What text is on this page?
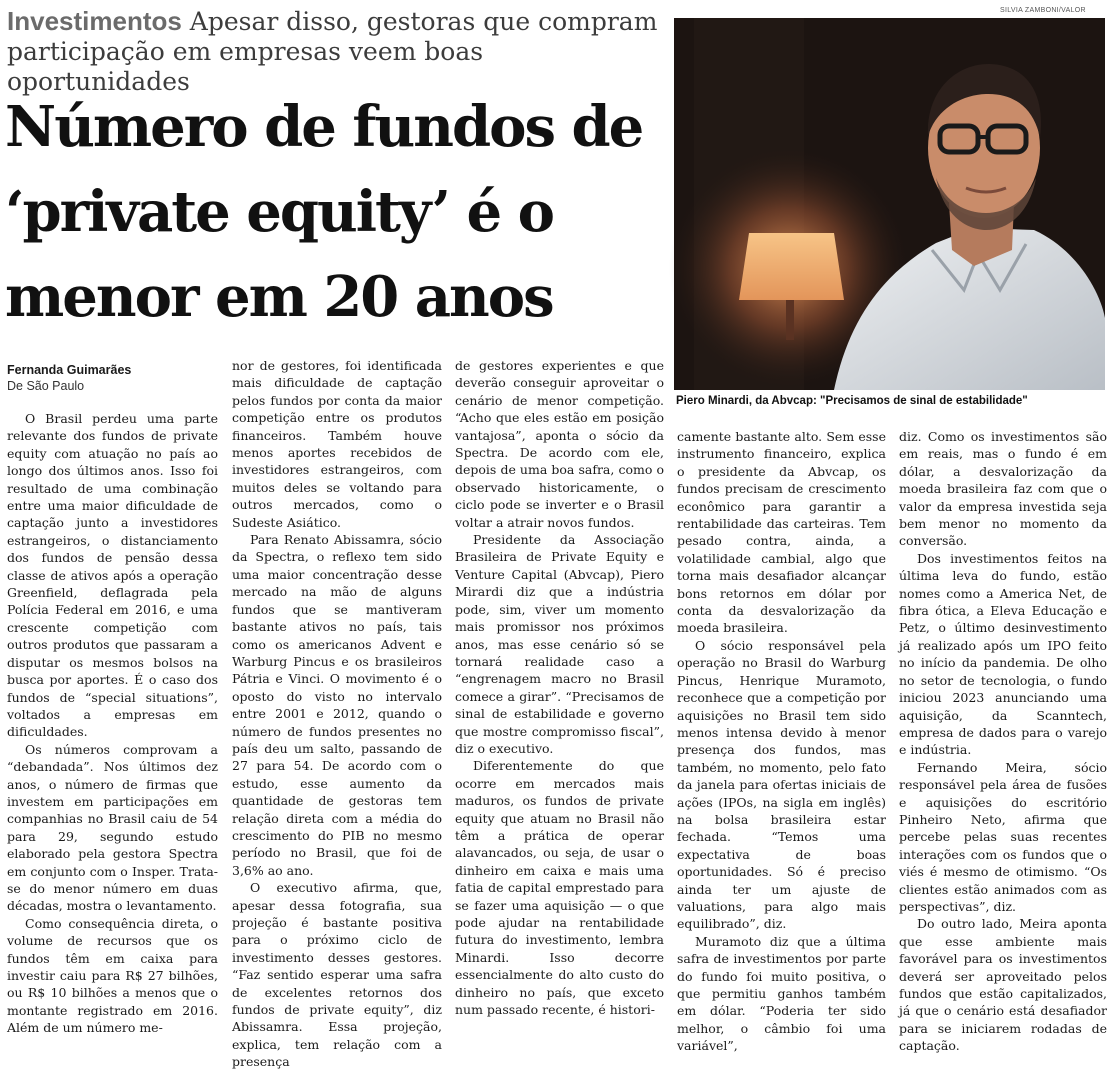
Investimentos Apesar disso, gestoras que compram participação em empresas veem boas oportunidades
Número de fundos de ‘private equity’ é o menor em 20 anos
SILVIA ZAMBONI/VALOR
Piero Minardi, da Abvcap: "Precisamos de sinal de estabilidade"
Fernanda Guimarães
De São Paulo

O Brasil perdeu uma parte relevante dos fundos de private equity com atuação no país ao longo dos últimos anos. Isso foi resultado de uma combinação entre uma maior dificuldade de captação junto a investidores estrangeiros, o distanciamento dos fundos de pensão dessa classe de ativos após a operação Greenfield, deflagrada pela Polícia Federal em 2016, e uma crescente competição com outros produtos que passaram a disputar os mesmos bolsos na busca por aportes. É o caso dos fundos de “special situations”, voltados a empresas em dificuldades.

Os números comprovam a “debandada”. Nos últimos dez anos, o número de firmas que investem em participações em companhias no Brasil caiu de 54 para 29, segundo estudo elaborado pela gestora Spectra em conjunto com o Insper. Trata-se do menor número em duas décadas, mostra o levantamento.

Como consequência direta, o volume de recursos que os fundos têm em caixa para investir caiu para R$ 27 bilhões, ou R$ 10 bilhões a menos que o montante registrado em 2016. Além de um número me-

nor de gestores, foi identificada mais dificuldade de captação pelos fundos por conta da maior competição entre os produtos financeiros. Também houve menos aportes recebidos de investidores estrangeiros, com muitos deles se voltando para outros mercados, como o Sudeste Asiático.

Para Renato Abissamra, sócio da Spectra, o reflexo tem sido uma maior concentração desse mercado na mão de alguns fundos que se mantiveram bastante ativos no país, tais como os americanos Advent e Warburg Pincus e os brasileiros Pátria e Vinci. O movimento é o oposto do visto no intervalo entre 2001 e 2012, quando o número de fundos presentes no país deu um salto, passando de 27 para 54. De acordo com o estudo, esse aumento da quantidade de gestoras tem relação direta com a média do crescimento do PIB no mesmo período no Brasil, que foi de 3,6% ao ano.

O executivo afirma, que, apesar dessa fotografia, sua projeção é bastante positiva para o próximo ciclo de investimento desses gestores. “Faz sentido esperar uma safra de excelentes retornos dos fundos de private equity”, diz Abissamra. Essa projeção, explica, tem relação com a presença

de gestores experientes e que deverão conseguir aproveitar o cenário de menor competição. “Acho que eles estão em posição vantajosa”, aponta o sócio da Spectra. De acordo com ele, depois de uma boa safra, como o observado historicamente, o ciclo pode se inverter e o Brasil voltar a atrair novos fundos.

Presidente da Associação Brasileira de Private Equity e Venture Capital (Abvcap), Piero Mirardi diz que a indústria pode, sim, viver um momento mais promissor nos próximos anos, mas esse cenário só se tornará realidade caso a “engrenagem macro no Brasil comece a girar”. “Precisamos de sinal de estabilidade e governo que mostre compromisso fiscal”, diz o executivo.

Diferentemente do que ocorre em mercados mais maduros, os fundos de private equity que atuam no Brasil não têm a prática de operar alavancados, ou seja, de usar o dinheiro em caixa e mais uma fatia de capital emprestado para se fazer uma aquisição — o que pode ajudar na rentabilidade futura do investimento, lembra Minardi. Isso decorre essencialmente do alto custo do dinheiro no país, que exceto num passado recente, é histori-

camente bastante alto. Sem esse instrumento financeiro, explica o presidente da Abvcap, os fundos precisam de crescimento econômico para garantir a rentabilidade das carteiras. Tem pesado contra, ainda, a volatilidade cambial, algo que torna mais desafiador alcançar bons retornos em dólar por conta da desvalorização da moeda brasileira.

O sócio responsável pela operação no Brasil do Warburg Pincus, Henrique Muramoto, reconhece que a competição por aquisições no Brasil tem sido menos intensa devido à menor presença dos fundos, mas também, no momento, pelo fato da janela para ofertas iniciais de ações (IPOs, na sigla em inglês) na bolsa brasileira estar fechada. “Temos uma expectativa de boas oportunidades. Só é preciso ainda ter um ajuste de valuations, para algo mais equilibrado”, diz.

Muramoto diz que a última safra de investimentos por parte do fundo foi muito positiva, o que permitiu ganhos também em dólar. “Poderia ter sido melhor, o câmbio foi uma variável”,

diz. Como os investimentos são em reais, mas o fundo é em dólar, a desvalorização da moeda brasileira faz com que o valor da empresa investida seja bem menor no momento da conversão.

Dos investimentos feitos na última leva do fundo, estão nomes como a America Net, de fibra ótica, a Eleva Educação e Petz, o último desinvestimento já realizado após um IPO feito no início da pandemia. De olho no setor de tecnologia, o fundo iniciou 2023 anunciando uma aquisição, da Scanntech, empresa de dados para o varejo e indústria.

Fernando Meira, sócio responsável pela área de fusões e aquisições do escritório Pinheiro Neto, afirma que percebe pelas suas recentes interações com os fundos que o viés é mesmo de otimismo. “Os clientes estão animados com as perspectivas”, diz.

Do outro lado, Meira aponta que esse ambiente mais favorável para os investimentos deverá ser aproveitado pelos fundos que estão capitalizados, já que o cenário está desafiador para se iniciarem rodadas de captação.
